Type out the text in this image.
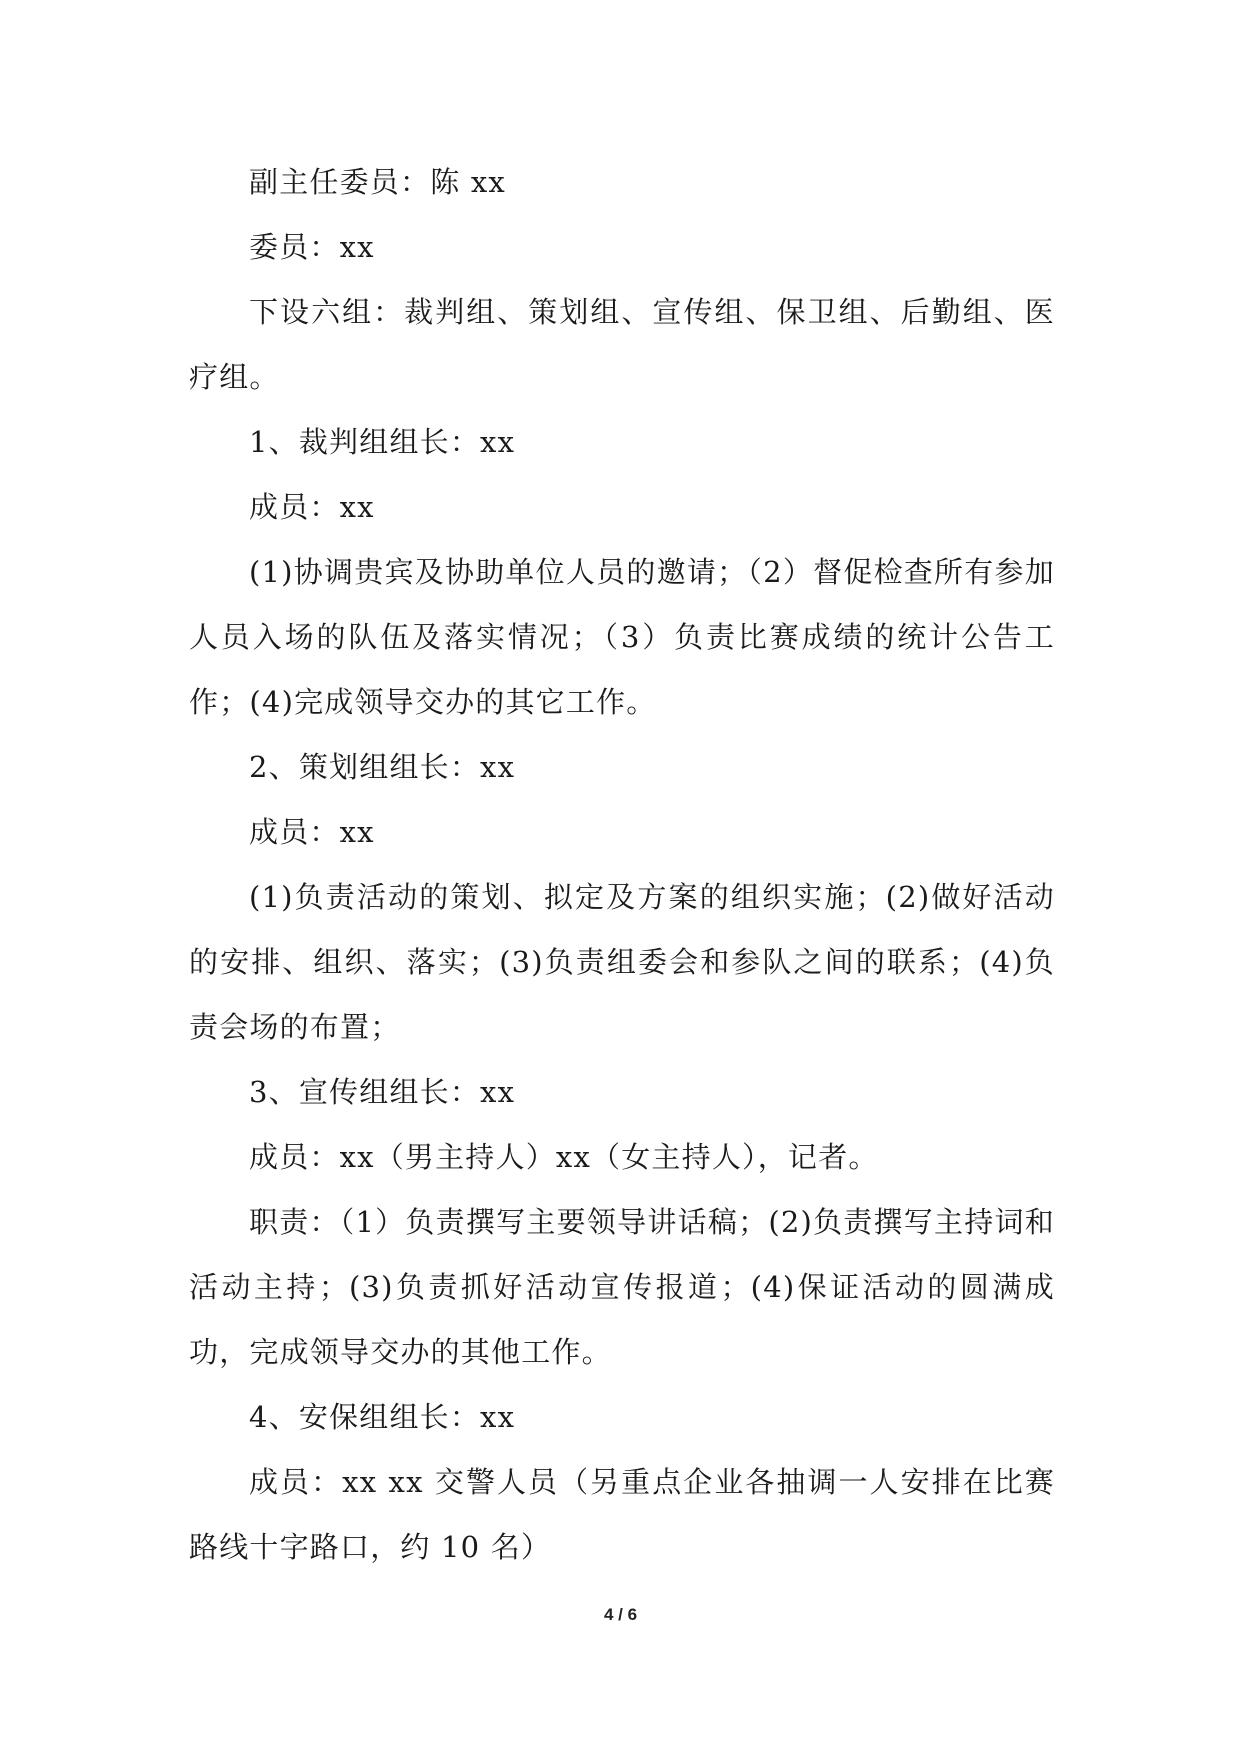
副主任委员：陈 xx

委员：xx

下设六组：裁判组、策划组、宣传组、保卫组、后勤组、医疗组。

1、裁判组组长：xx

成员：xx

(1)协调贵宾及协助单位人员的邀请；（2）督促检查所有参加人员入场的队伍及落实情况；（3）负责比赛成绩的统计公告工作；(4)完成领导交办的其它工作。

2、策划组组长：xx

成员：xx

(1)负责活动的策划、拟定及方案的组织实施；(2)做好活动的安排、组织、落实；(3)负责组委会和参队之间的联系；(4)负责会场的布置；

3、宣传组组长：xx

成员：xx（男主持人）xx（女主持人），记者。

职责：（1）负责撰写主要领导讲话稿；(2)负责撰写主持词和活动主持；(3)负责抓好活动宣传报道；(4)保证活动的圆满成功，完成领导交办的其他工作。

4、安保组组长：xx

成员：xx xx 交警人员（另重点企业各抽调一人安排在比赛路线十字路口，约 10 名）

4 / 6
